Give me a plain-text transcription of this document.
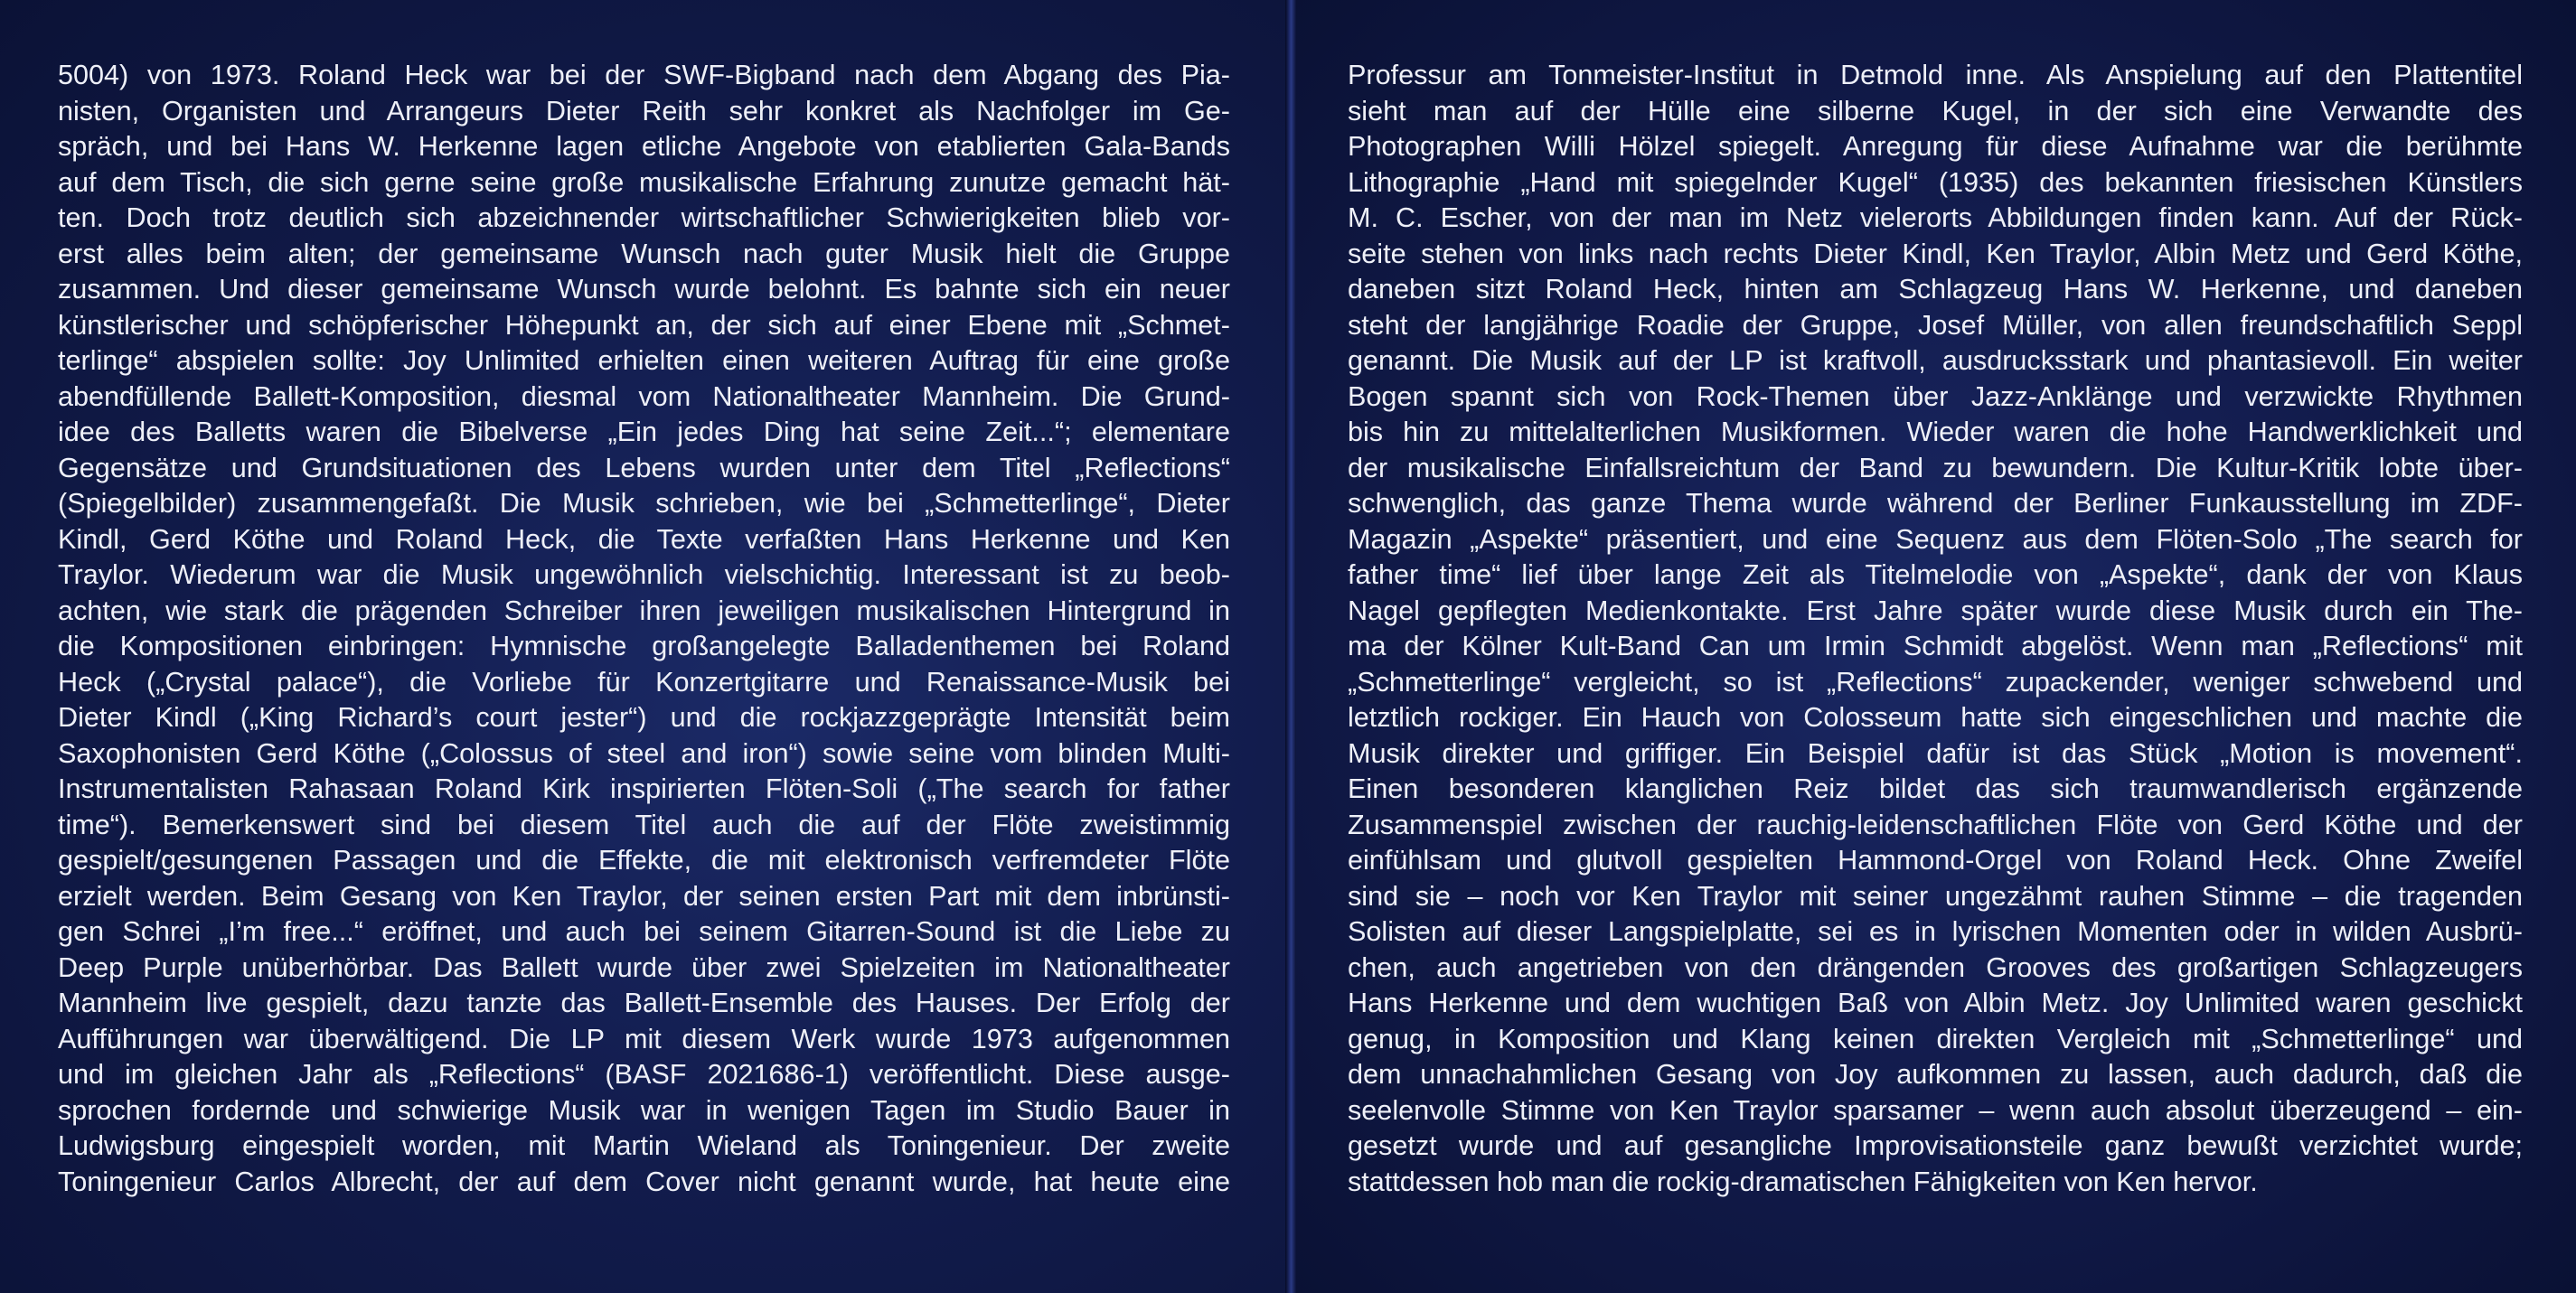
5004) von 1973. Roland Heck war bei der SWF-Bigband nach dem Abgang des Pia-
nisten, Organisten und Arrangeurs Dieter Reith sehr konkret als Nachfolger im Ge-
spräch, und bei Hans W. Herkenne lagen etliche Angebote von etablierten Gala-Bands
auf dem Tisch, die sich gerne seine große musikalische Erfahrung zunutze gemacht hät-
ten. Doch trotz deutlich sich abzeichnender wirtschaftlicher Schwierigkeiten blieb vor-
erst alles beim alten; der gemeinsame Wunsch nach guter Musik hielt die Gruppe
zusammen. Und dieser gemeinsame Wunsch wurde belohnt. Es bahnte sich ein neuer
künstlerischer und schöpferischer Höhepunkt an, der sich auf einer Ebene mit „Schmet-
terlinge“ abspielen sollte: Joy Unlimited erhielten einen weiteren Auftrag für eine große
abendfüllende Ballett-Komposition, diesmal vom Nationaltheater Mannheim. Die Grund-
idee des Balletts waren die Bibelverse „Ein jedes Ding hat seine Zeit...“; elementare
Gegensätze und Grundsituationen des Lebens wurden unter dem Titel „Reflections“
(Spiegelbilder) zusammengefaßt. Die Musik schrieben, wie bei „Schmetterlinge“, Dieter
Kindl, Gerd Köthe und Roland Heck, die Texte verfaßten Hans Herkenne und Ken
Traylor. Wiederum war die Musik ungewöhnlich vielschichtig. Interessant ist zu beob-
achten, wie stark die prägenden Schreiber ihren jeweiligen musikalischen Hintergrund in
die Kompositionen einbringen: Hymnische großangelegte Balladenthemen bei Roland
Heck („Crystal palace“), die Vorliebe für Konzertgitarre und Renaissance-Musik bei
Dieter Kindl („King Richard’s court jester“) und die rockjazzgeprägte Intensität beim
Saxophonisten Gerd Köthe („Colossus of steel and iron“) sowie seine vom blinden Multi-
Instrumentalisten Rahasaan Roland Kirk inspirierten Flöten-Soli („The search for father
time“). Bemerkenswert sind bei diesem Titel auch die auf der Flöte zweistimmig
gespielt/gesungenen Passagen und die Effekte, die mit elektronisch verfremdeter Flöte
erzielt werden. Beim Gesang von Ken Traylor, der seinen ersten Part mit dem inbrünsti-
gen Schrei „I’m free...“ eröffnet, und auch bei seinem Gitarren-Sound ist die Liebe zu
Deep Purple unüberhörbar. Das Ballett wurde über zwei Spielzeiten im Nationaltheater
Mannheim live gespielt, dazu tanzte das Ballett-Ensemble des Hauses. Der Erfolg der
Aufführungen war überwältigend. Die LP mit diesem Werk wurde 1973 aufgenommen
und im gleichen Jahr als „Reflections“ (BASF 2021686-1) veröffentlicht. Diese ausge-
sprochen fordernde und schwierige Musik war in wenigen Tagen im Studio Bauer in
Ludwigsburg eingespielt worden, mit Martin Wieland als Toningenieur. Der zweite
Toningenieur Carlos Albrecht, der auf dem Cover nicht genannt wurde, hat heute eine
Professur am Tonmeister-Institut in Detmold inne. Als Anspielung auf den Plattentitel
sieht man auf der Hülle eine silberne Kugel, in der sich eine Verwandte des
Photographen Willi Hölzel spiegelt. Anregung für diese Aufnahme war die berühmte
Lithographie „Hand mit spiegelnder Kugel“ (1935) des bekannten friesischen Künstlers
M. C. Escher, von der man im Netz vielerorts Abbildungen finden kann. Auf der Rück-
seite stehen von links nach rechts Dieter Kindl, Ken Traylor, Albin Metz und Gerd Köthe,
daneben sitzt Roland Heck, hinten am Schlagzeug Hans W. Herkenne, und daneben
steht der langjährige Roadie der Gruppe, Josef Müller, von allen freundschaftlich Seppl
genannt. Die Musik auf der LP ist kraftvoll, ausdrucksstark und phantasievoll. Ein weiter
Bogen spannt sich von Rock-Themen über Jazz-Anklänge und verzwickte Rhythmen
bis hin zu mittelalterlichen Musikformen. Wieder waren die hohe Handwerklichkeit und
der musikalische Einfallsreichtum der Band zu bewundern. Die Kultur-Kritik lobte über-
schwenglich, das ganze Thema wurde während der Berliner Funkausstellung im ZDF-
Magazin „Aspekte“ präsentiert, und eine Sequenz aus dem Flöten-Solo „The search for
father time“ lief über lange Zeit als Titelmelodie von „Aspekte“, dank der von Klaus
Nagel gepflegten Medienkontakte. Erst Jahre später wurde diese Musik durch ein The-
ma der Kölner Kult-Band Can um Irmin Schmidt abgelöst. Wenn man „Reflections“ mit
„Schmetterlinge“ vergleicht, so ist „Reflections“ zupackender, weniger schwebend und
letztlich rockiger. Ein Hauch von Colosseum hatte sich eingeschlichen und machte die
Musik direkter und griffiger. Ein Beispiel dafür ist das Stück „Motion is movement“.
Einen besonderen klanglichen Reiz bildet das sich traumwandlerisch ergänzende
Zusammenspiel zwischen der rauchig-leidenschaftlichen Flöte von Gerd Köthe und der
einfühlsam und glutvoll gespielten Hammond-Orgel von Roland Heck. Ohne Zweifel
sind sie – noch vor Ken Traylor mit seiner ungezähmt rauhen Stimme – die tragenden
Solisten auf dieser Langspielplatte, sei es in lyrischen Momenten oder in wilden Ausbrü-
chen, auch angetrieben von den drängenden Grooves des großartigen Schlagzeugers
Hans Herkenne und dem wuchtigen Baß von Albin Metz. Joy Unlimited waren geschickt
genug, in Komposition und Klang keinen direkten Vergleich mit „Schmetterlinge“ und
dem unnachahmlichen Gesang von Joy aufkommen zu lassen, auch dadurch, daß die
seelenvolle Stimme von Ken Traylor sparsamer – wenn auch absolut überzeugend – ein-
gesetzt wurde und auf gesangliche Improvisationsteile ganz bewußt verzichtet wurde;
stattdessen hob man die rockig-dramatischen Fähigkeiten von Ken hervor.
